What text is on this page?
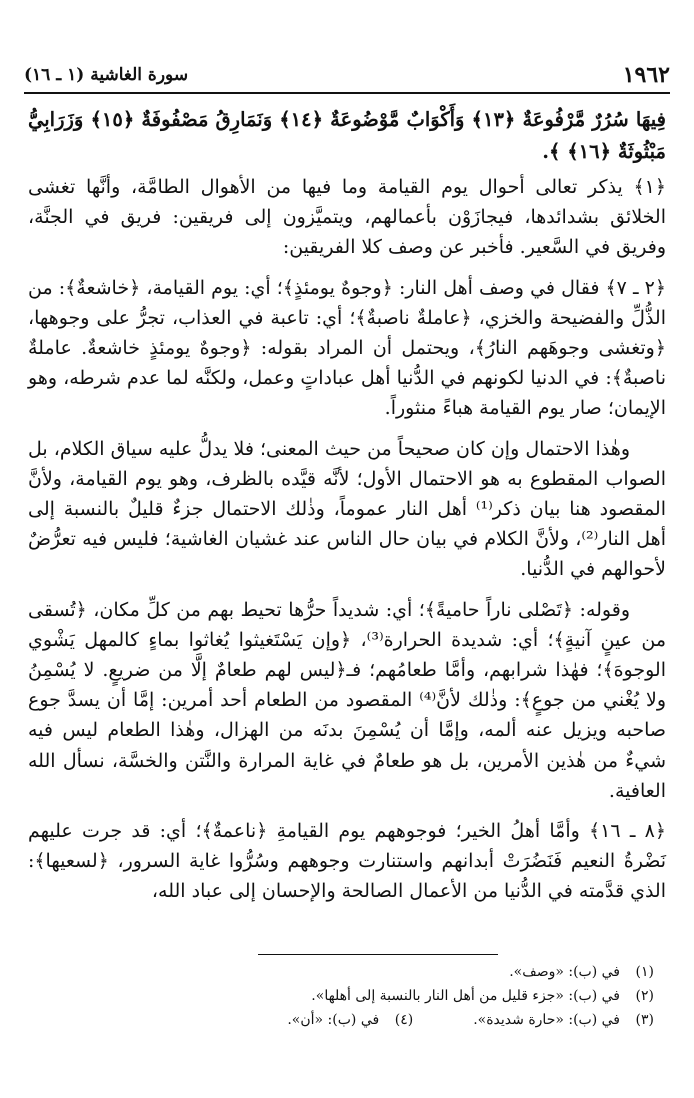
سورة الغاشية (١ ـ ١٦)	١٩٦٢

فِيهَا سُرُرٌ مَّرْفُوعَةٌ ﴿١٣﴾ وَأَكْوَابٌ مَّوْضُوعَةٌ ﴿١٤﴾ وَنَمَارِقُ مَصْفُوفَةٌ ﴿١٥﴾ وَزَرَابِيُّ مَبْثُوثَةٌ ﴿١٦﴾ ﴾.

﴿١﴾ يذكر تعالى أحوال يوم القيامة وما فيها من الأهوال الطامَّة، وأنَّها تغشى الخلائق بشدائدها، فيجازَوْن بأعمالهم، ويتميَّزون إلى فريقين: فريق في الجنَّة، وفريق في السَّعير. فأخبر عن وصف كلا الفريقين:

﴿٢ ـ ٧﴾ فقال في وصف أهل النار: ﴿وجوهٌ يومئذٍ﴾؛ أي: يوم القيامة، ﴿خاشعةٌ﴾: من الذُّلِّ والفضيحة والخزي، ﴿عاملةٌ ناصبةٌ﴾؛ أي: تاعبة في العذاب، تجرُّ على وجوهها، ﴿وتغشى وجوهَهم النارُ﴾، ويحتمل أن المراد بقوله: ﴿وجوهٌ يومئذٍ خاشعةٌ. عاملةٌ ناصبةٌ﴾: في الدنيا لكونهم في الدُّنيا أهل عباداتٍ وعمل، ولكنَّه لما عدم شرطه، وهو الإيمان؛ صار يوم القيامة هباءً منثوراً.

وهٰذا الاحتمال وإن كان صحيحاً من حيث المعنى؛ فلا يدلُّ عليه سياق الكلام، بل الصواب المقطوع به هو الاحتمال الأول؛ لأنَّه قيَّده بالظرف، وهو يوم القيامة، ولأنَّ المقصود هنا بيان ذكر⁽¹⁾ أهل النار عموماً، وذٰلك الاحتمال جزءٌ قليلٌ بالنسبة إلى أهل النار⁽²⁾، ولأنَّ الكلام في بيان حال الناس عند غشيان الغاشية؛ فليس فيه تعرُّضٌ لأحوالهم في الدُّنيا.

وقوله: ﴿تَصْلى ناراً حاميةً﴾؛ أي: شديداً حرُّها تحيط بهم من كلِّ مكان، ﴿تُسقى من عينٍ آنيةٍ﴾؛ أي: شديدة الحرارة⁽³⁾، ﴿وإن يَسْتَغيثوا يُغاثوا بماءٍ كالمهل يَشْوي الوجوهَ﴾؛ فهٰذا شرابهم، وأمَّا طعامُهم؛ فـ﴿ليس لهم طعامٌ إلَّا من ضريعٍ. لا يُسْمِنُ ولا يُغْني من جوعٍ﴾: وذٰلك لأنَّ⁽⁴⁾ المقصود من الطعام أحد أمرين: إمَّا أن يسدَّ جوع صاحبه ويزيل عنه ألمه، وإمَّا أن يُسْمِنَ بدنَه من الهزال، وهٰذا الطعام ليس فيه شيءٌ من هٰذين الأمرين، بل هو طعامٌ في غاية المرارة والنَّتن والخسَّة، نسأل الله العافية.

﴿٨ ـ ١٦﴾ وأمَّا أهلُ الخير؛ فوجوههم يوم القيامةِ ﴿ناعمةٌ﴾؛ أي: قد جرت عليهم نَضْرةُ النعيم فَنَضُرَتْ أبدانهم واستنارت وجوههم وسُرُّوا غاية السرور، ﴿لسعيها﴾: الذي قدَّمته في الدُّنيا من الأعمال الصالحة والإحسان إلى عباد الله،

(١)
في (ب): «وصف».
(٢)
في (ب): «جزء قليل من أهل النار بالنسبة إلى أهلها».
(٣)
في (ب): «حارة شديدة».
(٤)
في (ب): «أن».
